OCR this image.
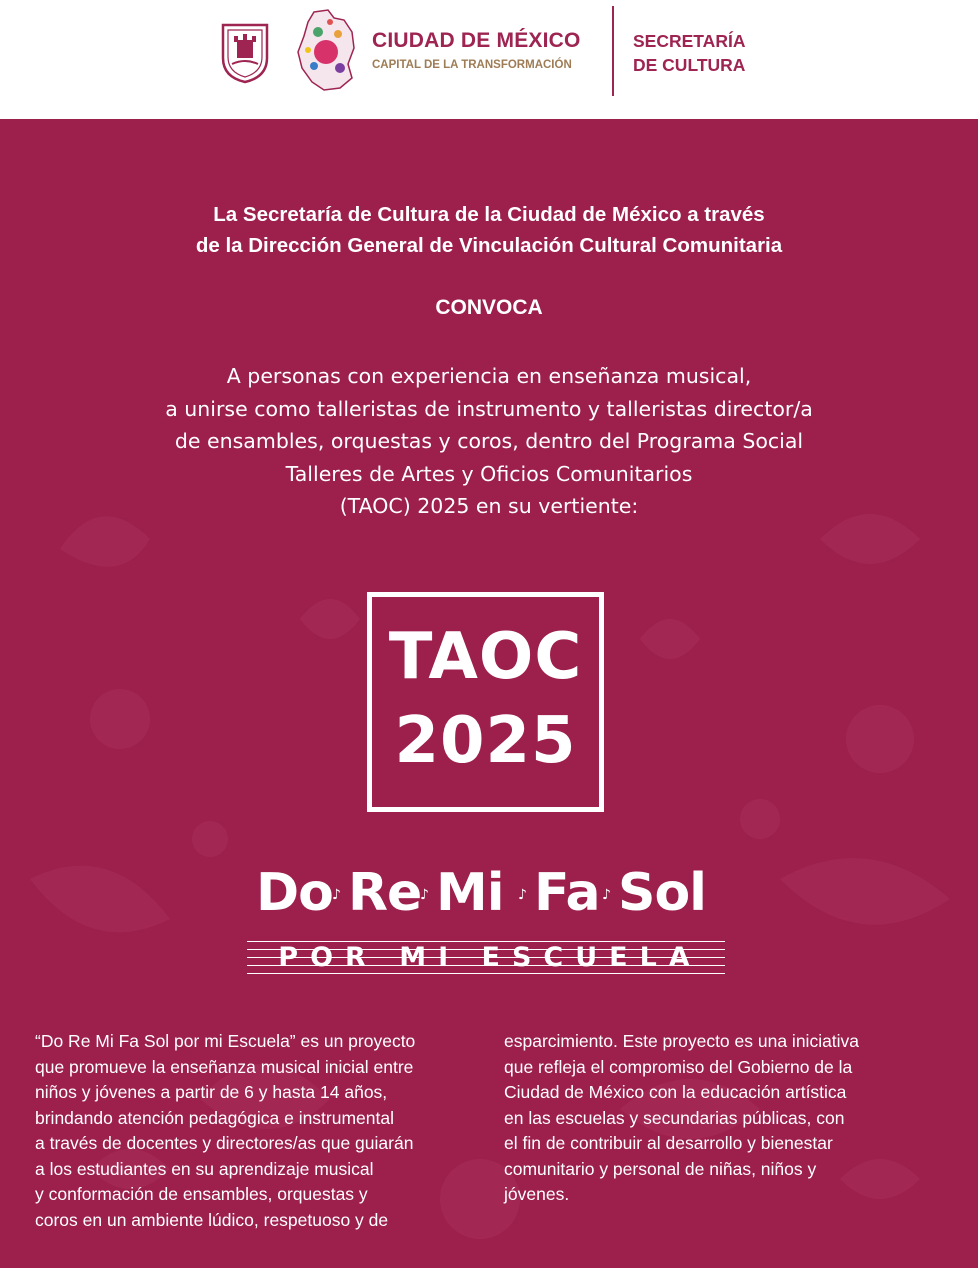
CIUDAD DE MÉXICO
CAPITAL DE LA TRANSFORMACIÓN
SECRETARÍA
DE CULTURA
La Secretaría de Cultura de la Ciudad de México a través
de la Dirección General de Vinculación Cultural Comunitaria
CONVOCA
A personas con experiencia en enseñanza musical,
a unirse como talleristas de instrumento y talleristas director/a
de ensambles, orquestas y coros, dentro del Programa Social
Talleres de Artes y Oficios Comunitarios
(TAOC) 2025 en su vertiente:
TAOC
2025
Do ♪ Re
♪ Mi ♪ Fa ♪ Sol
POR MI ESCUELA
“Do Re Mi Fa Sol por mi Escuela” es un proyecto
que promueve la enseñanza musical inicial entre
niños y jóvenes a partir de 6 y hasta 14 años,
brindando atención pedagógica e instrumental
a través de docentes y directores/as que guiarán
a los estudiantes en su aprendizaje musical
y conformación de ensambles, orquestas y
coros en un ambiente lúdico, respetuoso y de
esparcimiento. Este proyecto es una iniciativa
que refleja el compromiso del Gobierno de la
Ciudad de México con la educación artística
en las escuelas y secundarias públicas, con
el fin de contribuir al desarrollo y bienestar
comunitario y personal de niñas, niños y
jóvenes.
